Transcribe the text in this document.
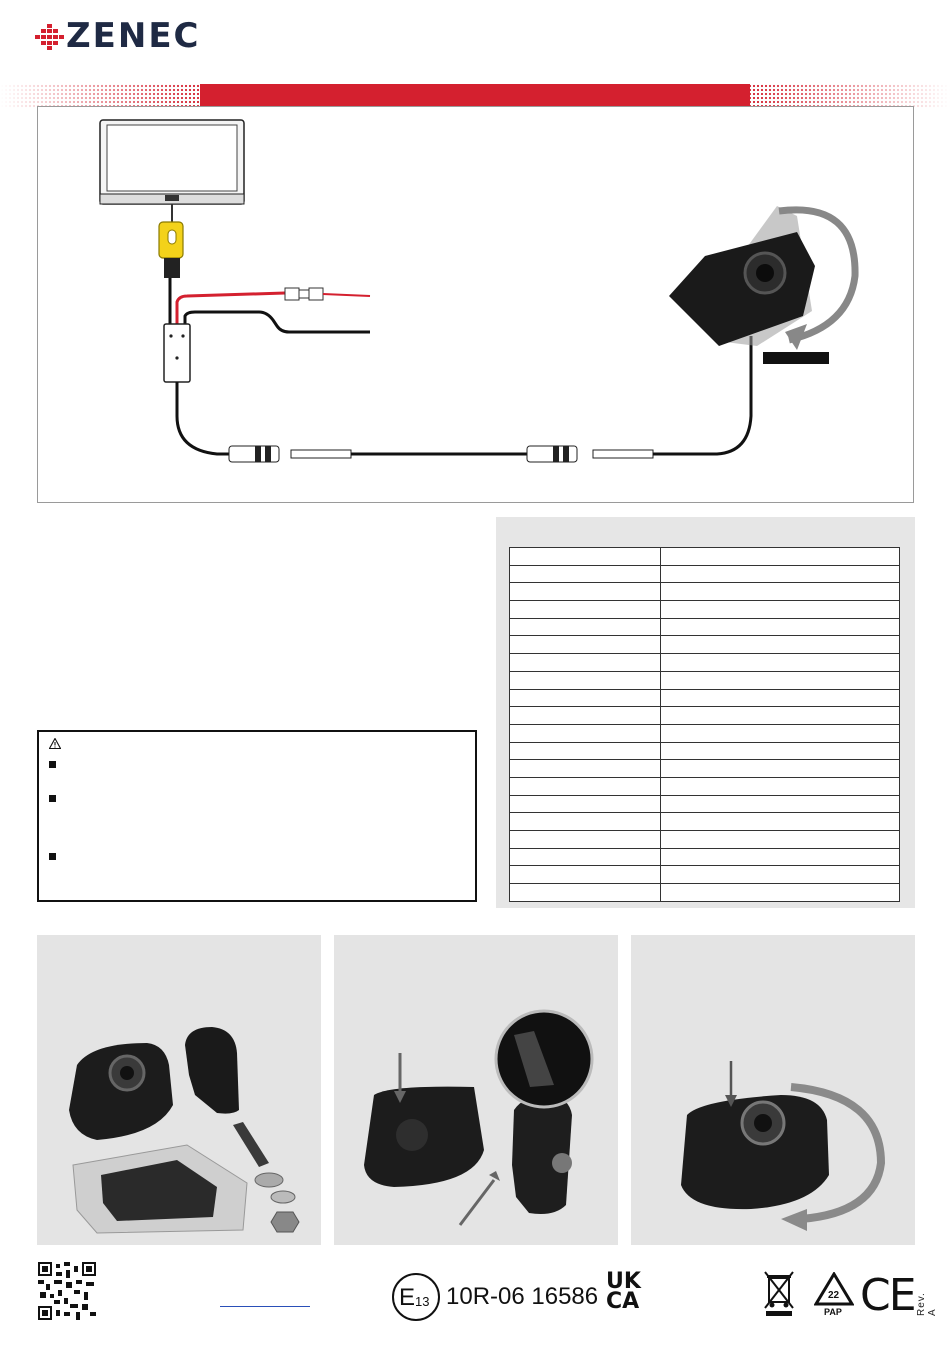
ZENEC

E 13 10R-06 16586
UK
CA	22
PAP CE Rev. A
